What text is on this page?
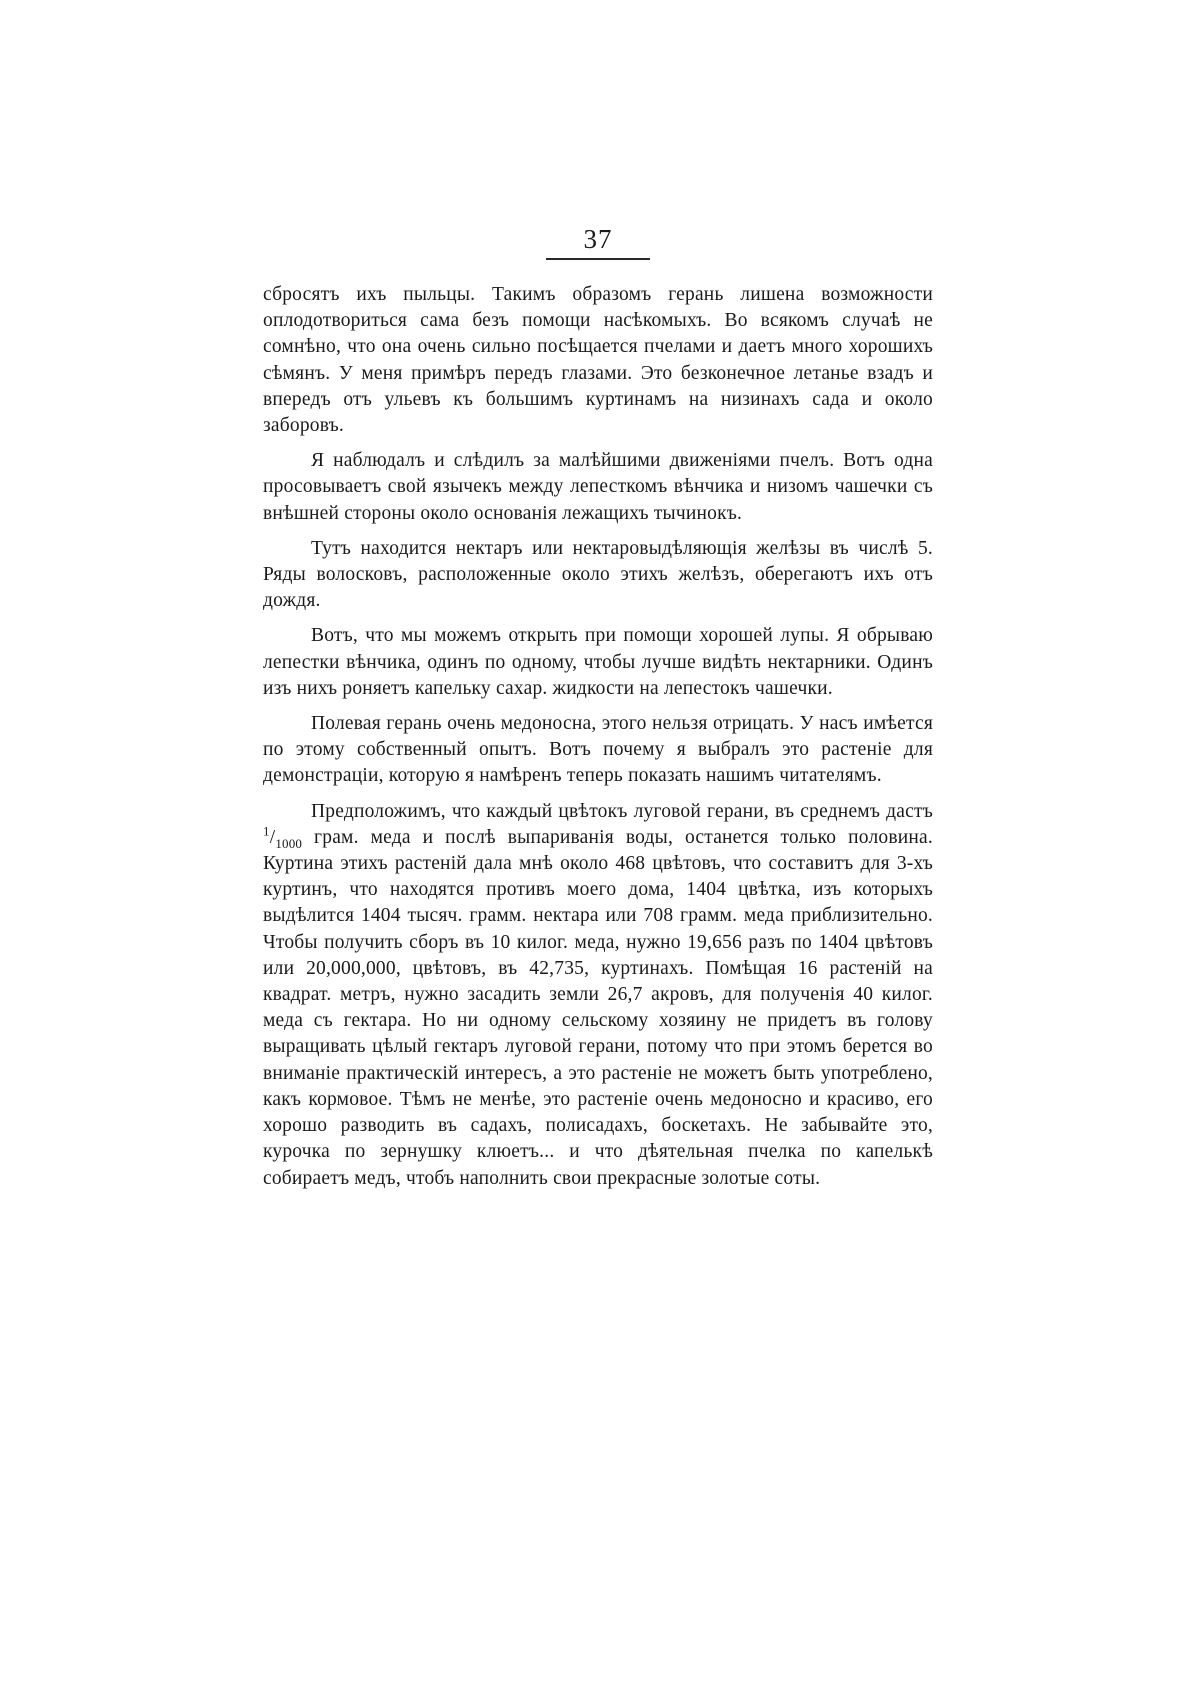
37

сбросятъ ихъ пыльцы. Такимъ образомъ герань лишена возможности оплодотвориться сама безъ помощи насѣкомыхъ. Во всякомъ случаѣ не сомнѣно, что она очень сильно посѣщается пчелами и даетъ много хорошихъ сѣмянъ. У меня примѣръ передъ глазами. Это безконечное летанье взадъ и впередъ отъ ульевъ къ большимъ куртинамъ на низинахъ сада и около заборовъ.

Я наблюдалъ и слѣдилъ за малѣйшими движеніями пчелъ. Вотъ одна просовываетъ свой язычекъ между лепесткомъ вѣнчика и низомъ чашечки съ внѣшней стороны около основанія лежащихъ тычинокъ.

Тутъ находится нектаръ или нектаровыдѣляющія желѣзы въ числѣ 5. Ряды волосковъ, расположенные около этихъ желѣзъ, оберегаютъ ихъ отъ дождя.

Вотъ, что мы можемъ открыть при помощи хорошей лупы. Я обрываю лепестки вѣнчика, одинъ по одному, чтобы лучше видѣть нектарники. Одинъ изъ нихъ роняетъ капельку сахар. жидкости на лепестокъ чашечки.

Полевая герань очень медоносна, этого нельзя отрицать. У насъ имѣется по этому собственный опытъ. Вотъ почему я выбралъ это растеніе для демонстраціи, которую я намѣренъ теперь показать нашимъ читателямъ.

Предположимъ, что каждый цвѣтокъ луговой герани, въ среднемъ дастъ $^1/_{1000}$ грам. меда и послѣ выпариванія воды, останется только половина. Куртина этихъ растеній дала мнѣ около 468 цвѣтовъ, что составитъ для 3-хъ куртинъ, что находятся противъ моего дома, 1404 цвѣтка, изъ которыхъ выдѣлится 1404 тысяч. грамм. нектара или 708 грамм. меда приблизительно. Чтобы получить сборъ въ 10 килог. меда, нужно 19,656 разъ по 1404 цвѣтовъ или 20,000,000, цвѣтовъ, въ 42,735, куртинахъ. Помѣщая 16 растеній на квадрат. метръ, нужно засадить земли 26,7 акровъ, для полученія 40 килог. меда съ гектара. Но ни одному сельскому хозяину не придетъ въ голову выращивать цѣлый гектаръ луговой герани, потому что при этомъ берется во вниманіе практическій интересъ, а это растеніе не можетъ быть употреблено, какъ кормовое. Тѣмъ не менѣе, это растеніе очень медоносно и красиво, его хорошо разводить въ садахъ, полисадахъ, боскетахъ. Не забывайте это, курочка по зернушку клюетъ... и что дѣятельная пчелка по капелькѣ собираетъ медъ, чтобъ наполнить свои прекрасные золотые соты.
